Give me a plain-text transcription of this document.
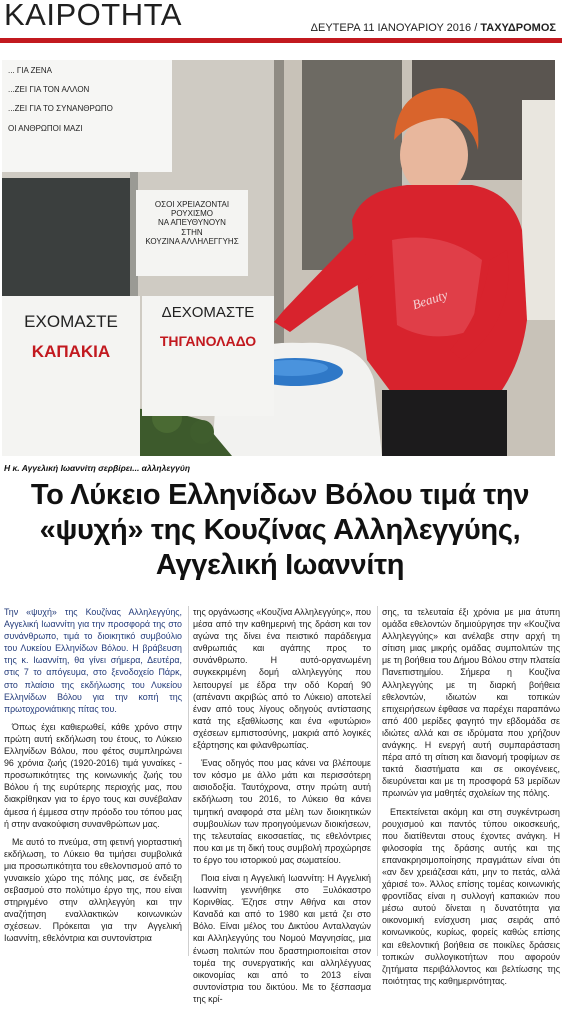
ΚΑΙΡΟΤΗΤΑ	ΔΕΥΤΕΡΑ 11 ΙΑΝΟΥΑΡΙΟΥ 2016 / ΤΑΧΥΔΡΟΜΟΣ
... ΓΙΑ ΖΕΝΑ
...ΖΕΙ ΓΙΑ ΤΟΝ ΑΛΛΟΝ
...ΖΕΙ ΓΙΑ ΤΟ ΣΥΝΑΝΘΡΩΠΟ
ΟΙ ΑΝΘΡΩΠΟΙ ΜΑΖΙ
ΟΣΟΙ ΧΡΕΙΑΖΟΝΤΑΙ
ΡΟΥΧΙΣΜΟ
ΝΑ ΑΠΕΥΘΥΝΟΥΝ
ΣΤΗΝ
ΚΟΥΖΙΝΑ ΑΛΛΗΛΕΓΓΥΗΣ
ΔΕΧΟΜΑΣΤΕ
ΤΗΓΑΝΟΛΑΔΟ
ΕΧΟΜΑΣΤΕ
ΚΑΠΑΚΙΑ
Beauty
Η κ. Αγγελική Ιωαννίτη σερβίρει... αλληλεγγύη
Το Λύκειο Ελληνίδων Βόλου τιμά την «ψυχή» της Κουζίνας Αλληλεγγύης, Αγγελική Ιωαννίτη

Την «ψυχή» της Κουζίνας Αλληλεγγύης, Αγγελική Ιωαννίτη για την προσφορά της στο συνάνθρωπο, τιμά το διοικητικό συμβούλιο του Λυκείου Ελληνίδων Βόλου. Η βράβευση της κ. Ιωαννίτη, θα γίνει σήμερα, Δευτέρα, στις 7 το απόγευμα, στο ξενοδοχείο Πάρκ, στο πλαίσιο της εκδήλωσης του Λυκείου Ελληνίδων Βόλου για την κοπή της πρωτοχρονιάτικης πίτας του.

Όπως έχει καθιερωθεί, κάθε χρόνο στην πρώτη αυτή εκδήλωση του έτους, το Λύκειο Ελληνίδων Βόλου, που φέτος συμπληρώνει 96 χρόνια ζωής (1920-2016) τιμά γυναίκες - προσωπικότητες της κοινωνικής ζωής του Βόλου ή της ευρύτερης περιοχής μας, που διακρίθηκαν για το έργο τους και συνέβαλαν άμεσα ή έμμεσα στην πρόοδο του τόπου μας ή στην ανακούφιση συνανθρώπων μας.

Με αυτό το πνεύμα, στη φετινή γιορταστική εκδήλωση, το Λύκειο θα τιμήσει συμβολικά μια προσωπικότητα του εθελοντισμού από το γυναικείο χώρο της πόλης μας, σε ένδειξη σεβασμού στο πολύτιμο έργο της, που είναι στηριγμένο στην αλληλεγγύη και την αναζήτηση εναλλακτικών κοινωνικών σχέσεων. Πρόκειται για την Αγγελική Ιωαννίτη, εθελόντρια και συντονίστρια

της οργάνωσης «Κουζίνα Αλληλεγγύης», που μέσα από την καθημερινή της δράση και τον αγώνα της δίνει ένα πειστικό παράδειγμα ανθρωπιάς και αγάπης προς το συνάνθρωπο. Η αυτό-οργανωμένη συγκεκριμένη δομή αλληλεγγύης που λειτουργεί με έδρα την οδό Κοραή 90 (απέναντι ακριβώς από το Λύκειο) αποτελεί έναν από τους λίγους οδηγούς αντίστασης κατά της εξαθλίωσης και ένα «φυτώριο» σχέσεων εμπιστοσύνης, μακριά από λογικές εξάρτησης και φιλανθρωπίας.

Ένας οδηγός που μας κάνει να βλέπουμε τον κόσμο με άλλο μάτι και περισσότερη αισιοδοξία. Ταυτόχρονα, στην πρώτη αυτή εκδήλωση του 2016, το Λύκειο θα κάνει τιμητική αναφορά στα μέλη των διοικητικών συμβουλίων των προηγούμενων διοικήσεων, της τελευταίας εικοσαετίας, τις εθελόντριες που και με τη δική τους συμβολή προχώρησε το έργο του ιστορικού μας σωματείου.

Ποια είναι η Αγγελική Ιωαννίτη: Η Αγγελική Ιωαννίτη γεννήθηκε στο Ξυλόκαστρο Κορινθίας. Έζησε στην Αθήνα και στον Καναδά και από το 1980 και μετά ζει στο Βόλο. Είναι μέλος του Δικτύου Ανταλλαγών και Αλληλεγγύης του Νομού Μαγνησίας, μια ένωση πολιτών που δραστηριοποιείται στον τομέα της συνεργατικής και αλληλέγγυας οικονομίας και από το 2013 είναι συντονίστρια του δικτύου. Με το ξέσπασμα της κρί-

σης, τα τελευταία έξι χρόνια με μια άτυπη ομάδα εθελοντών δημιούργησε την «Κουζίνα Αλληλεγγύης» και ανέλαβε στην αρχή τη σίτιση μιας μικρής ομάδας συμπολιτών της με τη βοήθεια του Δήμου Βόλου στην πλατεία Πανεπιστημίου. Σήμερα η Κουζίνα Αλληλεγγύης με τη διαρκή βοήθεια εθελοντών, ιδιωτών και τοπικών επιχειρήσεων έφθασε να παρέχει παραπάνω από 400 μερίδες φαγητό την εβδομάδα σε ιδιώτες αλλά και σε ιδρύματα που χρήζουν ανάγκης. Η ενεργή αυτή συμπαράσταση πέρα από τη σίτιση και διανομή τροφίμων σε τακτά διαστήματα και σε οικογένειες, διευρύνεται και με τη προσφορά 53 μερίδων πρωινών για μαθητές σχολείων της πόλης.

Επεκτείνεται ακόμη και στη συγκέντρωση ρουχισμού και παντός τύπου οικοσκευής, που διατίθενται στους έχοντες ανάγκη. Η φιλοσοφία της δράσης αυτής και της επανακρησιμοποίησης πραγμάτων είναι ότι «αν δεν χρειάζεσαι κάτι, μην το πετάς, αλλά χάρισέ το». Άλλος επίσης τομέας κοινωνικής φροντίδας είναι η συλλογή καπακιών που μέσω αυτού δίνεται η δυνατότητα για οικονομική ενίσχυση μιας σειράς από κοινωνικούς, κυρίως, φορείς καθώς επίσης και εθελοντική βοήθεια σε ποικίλες δράσεις τοπικών συλλογικοτήτων που αφορούν ζητήματα περιβάλλοντος και βελτίωσης της ποιότητας της καθημερινότητας.
